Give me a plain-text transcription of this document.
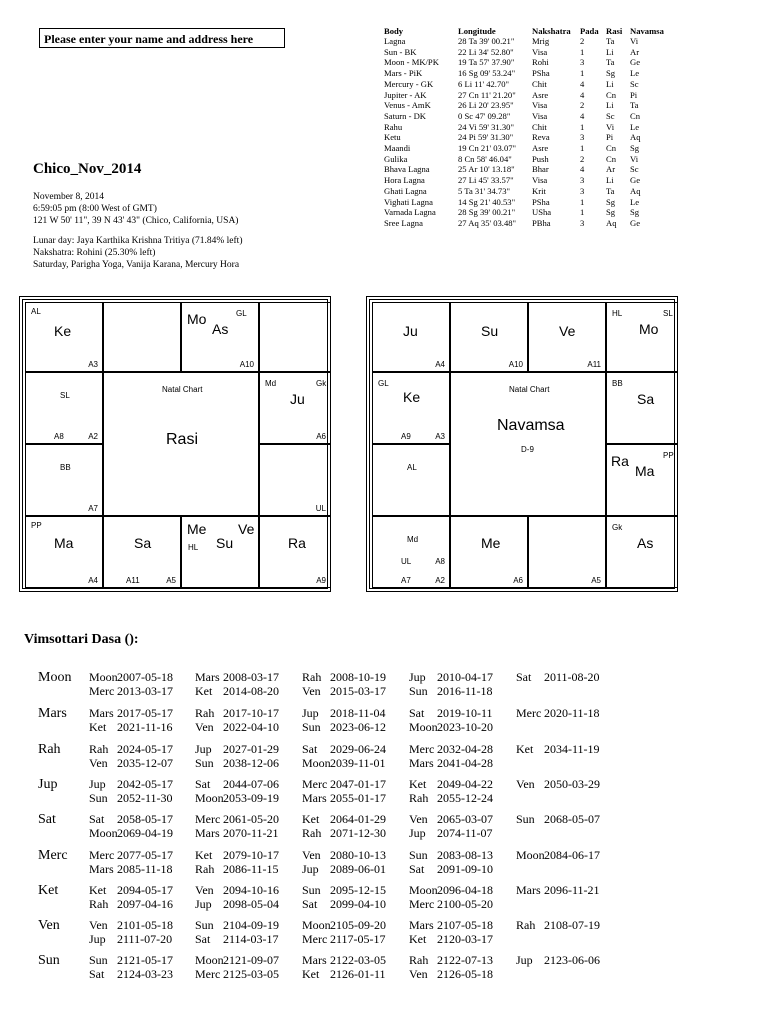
Please enter your name and address here
Chico_Nov_2014
November 8, 2014
6:59:05 pm (8:00 West of GMT)
121 W 50' 11", 39 N 43' 43" (Chico, California, USA)
Lunar day: Jaya Karthika Krishna Tritiya (71.84% left)
Nakshatra: Rohini (25.30% left)
Saturday, Parigha Yoga, Vanija Karana, Mercury Hora
Body	Longitude	Nakshatra	Pada	Rasi	Navamsa
Lagna	28 Ta 39' 00.21"	Mrig	2	Ta	Vi
Sun - BK	22 Li 34' 52.80"	Visa	1	Li	Ar
Moon - MK/PK	19 Ta 57' 37.90"	Rohi	3	Ta	Ge
Mars - PiK	16 Sg 09' 53.24"	PSha	1	Sg	Le
Mercury - GK	6 Li 11' 42.70"	Chit	4	Li	Sc
Jupiter - AK	27 Cn 11' 21.20"	Asre	4	Cn	Pi
Venus - AmK	26 Li 20' 23.95"	Visa	2	Li	Ta
Saturn - DK	0 Sc 47' 09.28"	Visa	4	Sc	Cn
Rahu	24 Vi 59' 31.30"	Chit	1	Vi	Le
Ketu	24 Pi 59' 31.30"	Reva	3	Pi	Aq
Maandi	19 Cn 21' 03.07"	Asre	1	Cn	Sg
Gulika	8 Cn 58' 46.04"	Push	2	Cn	Vi
Bhava Lagna	25 Ar 10' 13.18"	Bhar	4	Ar	Sc
Hora Lagna	27 Li 45' 33.57"	Visa	3	Li	Ge
Ghati Lagna	5 Ta 31' 34.73"	Krit	3	Ta	Aq
Vighati Lagna	14 Sg 21' 40.53"	PSha	1	Sg	Le
Varnada Lagna	28 Sg 39' 00.21"	USha	1	Sg	Sg
Sree Lagna	27 Aq 35' 03.48"	PBha	3	Aq	Ge
AL
Ke
A3
Mo
As
GL
A10
SL
A8	A2
Md	Gk
Ju
A6
BB
A7	UL
Natal Chart
Rasi
PP
Ma
A4
Sa
A11	A5
Me
Su
Ve
HL	Ra
A9
Ju
A4
Su
A10
Ve
A11
HL	SL
Mo
GL
Ke
A9	A3
BB
Sa
AL	Ra
Ma
PP
Natal Chart
Navamsa
D-9
Md
UL	A8
A7	A2
Me
A6	A5
Gk
As
Vimsottari Dasa ():
Moon Moon2007-05-18 Mars 2008-03-17 Rah 2008-10-19 Jup 2010-04-17 Sat 2011-08-20
Merc 2013-03-17 Ket 2014-08-20 Ven 2015-03-17 Sun 2016-11-18
Mars Mars 2017-05-17 Rah 2017-10-17 Jup 2018-11-04 Sat 2019-10-11 Merc 2020-11-18
Ket 2021-11-16 Ven 2022-04-10 Sun 2023-06-12 Moon2023-10-20
Rah Rah 2024-05-17 Jup 2027-01-29 Sat 2029-06-24 Merc 2032-04-28 Ket 2034-11-19
Ven 2035-12-07 Sun 2038-12-06 Moon2039-11-01 Mars 2041-04-28
Jup	Jup 2042-05-17 Sat 2044-07-06 Merc 2047-01-17 Ket 2049-04-22 Ven 2050-03-29
Sun 2052-11-30 Moon2053-09-19 Mars 2055-01-17 Rah 2055-12-24
Sat	Sat 2058-05-17 Merc 2061-05-20 Ket 2064-01-29 Ven 2065-03-07 Sun 2068-05-07
Moon2069-04-19 Mars 2070-11-21 Rah 2071-12-30 Jup 2074-11-07
Merc Merc 2077-05-17 Ket 2079-10-17 Ven 2080-10-13 Sun 2083-08-13 Moon2084-06-17
Mars 2085-11-18 Rah 2086-11-15 Jup 2089-06-01 Sat 2091-09-10
Ket	Ket 2094-05-17 Ven 2094-10-16 Sun 2095-12-15 Moon2096-04-18 Mars 2096-11-21
Rah 2097-04-16 Jup 2098-05-04 Sat 2099-04-10 Merc 2100-05-20
Ven Ven 2101-05-18 Sun 2104-09-19 Moon2105-09-20 Mars 2107-05-18 Rah 2108-07-19
Jup 2111-07-20 Sat 2114-03-17 Merc 2117-05-17 Ket 2120-03-17
Sun Sun 2121-05-17 Moon2121-09-07 Mars 2122-03-05 Rah 2122-07-13 Jup 2123-06-06
Sat 2124-03-23 Merc 2125-03-05 Ket 2126-01-11 Ven 2126-05-18
